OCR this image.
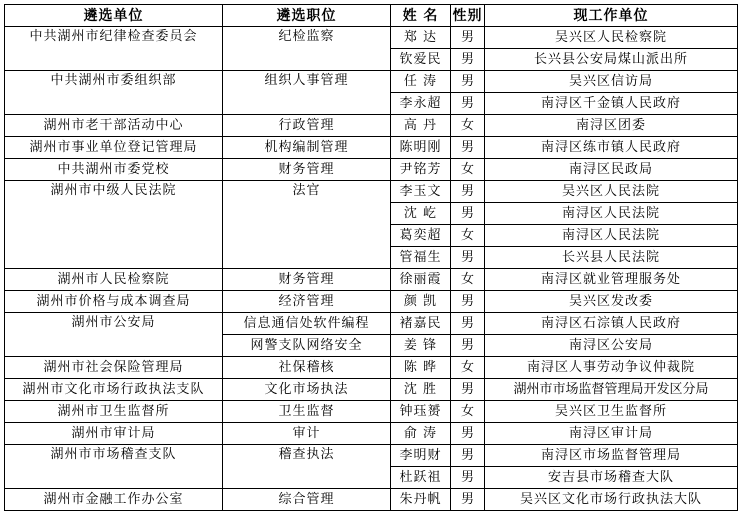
遴选单位	遴选职位	姓 名	性别	现工作单位
中共湖州市纪律检查委员会	纪检监察	郑 达	男	吴兴区人民检察院
		钦爱民	男	长兴县公安局煤山派出所
中共湖州市委组织部	组织人事管理	任 涛	男	吴兴区信访局
		李永超	男	南浔区千金镇人民政府
湖州市老干部活动中心	行政管理	高 丹	女	南浔区团委
湖州市事业单位登记管理局	机构编制管理	陈明刚	男	南浔区练市镇人民政府
中共湖州市委党校	财务管理	尹铭芳	女	南浔区民政局
湖州市中级人民法院	法官	李玉文	男	吴兴区人民法院
		沈 屹	男	南浔区人民法院
		葛奕超	女	南浔区人民法院
		管福生	男	长兴县人民法院
湖州市人民检察院	财务管理	徐丽霞	女	南浔区就业管理服务处
湖州市价格与成本调查局	经济管理	颜 凯	男	吴兴区发改委
湖州市公安局	信息通信处软件编程	褚嘉民	男	南浔区石淙镇人民政府
	网警支队网络安全	姜 锋	男	南浔区公安局
湖州市社会保险管理局	社保稽核	陈 晔	女	南浔区人事劳动争议仲裁院
湖州市文化市场行政执法支队	文化市场执法	沈 胜	男	湖州市市场监督管理局开发区分局
湖州市卫生监督所	卫生监督	钟珏赟	女	吴兴区卫生监督所
湖州市审计局	审计	俞 涛	男	南浔区审计局
湖州市市场稽查支队	稽查执法	李明财	男	南浔区市场监督管理局
		杜跃祖	男	安吉县市场稽查大队
湖州市金融工作办公室	综合管理	朱丹帆	男	吴兴区文化市场行政执法大队
